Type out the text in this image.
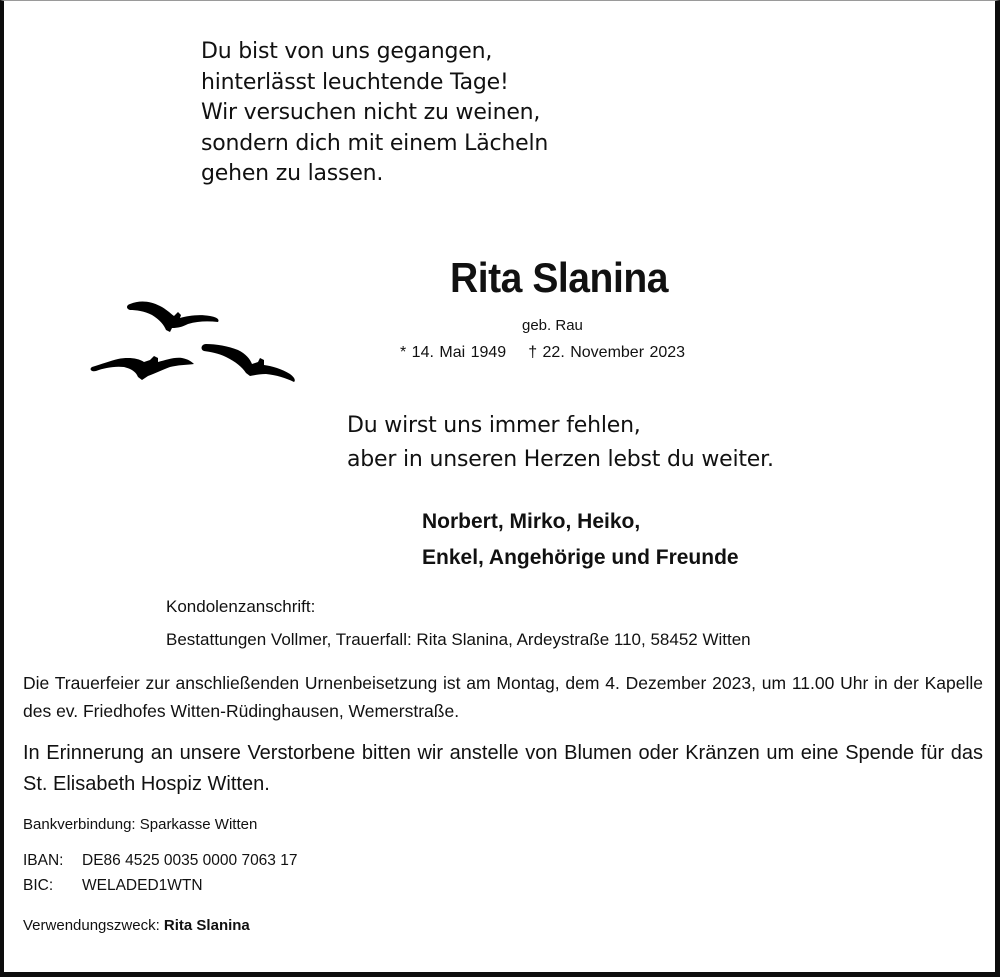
Du bist von uns gegangen,
hinterlässt leuchtende Tage!
Wir versuchen nicht zu weinen,
sondern dich mit einem Lächeln
gehen zu lassen.
Rita Slanina
geb. Rau
* 14. Mai 1949 † 22. November 2023
Du wirst uns immer fehlen,
aber in unseren Herzen lebst du weiter.
Norbert, Mirko, Heiko,
Enkel, Angehörige und Freunde
Kondolenzanschrift:
Bestattungen Vollmer, Trauerfall: Rita Slanina, Ardeystraße 110, 58452 Witten
Die Trauerfeier zur anschließenden Urnenbeisetzung ist am Montag, dem 4. Dezember 2023, um 11.00 Uhr in der Kapelle des ev. Friedhofes Witten-Rüdinghausen, Wemerstraße.
In Erinnerung an unsere Verstorbene bitten wir anstelle von Blumen oder Kränzen um eine Spende für das St. Elisabeth Hospiz Witten.
Bankverbindung: Sparkasse Witten
IBAN: DE86 4525 0035 0000 7063 17
BIC: WELADED1WTN
Verwendungszweck: Rita Slanina
